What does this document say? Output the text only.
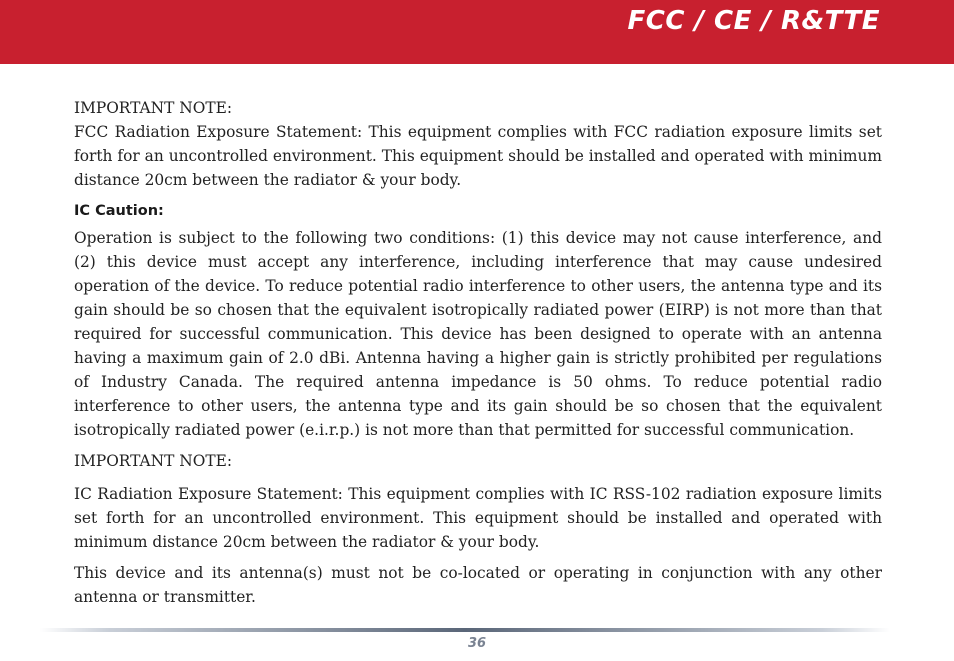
FCC / CE / R&TTE

IMPORTANT NOTE:

FCC Radiation Exposure Statement: This equipment complies with FCC radiation exposure limits set forth for an uncontrolled environment. This equipment should be installed and operated with minimum distance 20cm between the radiator & your body.

IC Caution:

Operation is subject to the following two conditions: (1) this device may not cause interference, and (2) this device must accept any interference, including interference that may cause undesired operation of the device. To reduce potential radio interference to other users, the antenna type and its gain should be so chosen that the equivalent isotropically radiated power (EIRP) is not more than that required for successful communication. This device has been designed to operate with an antenna having a maximum gain of 2.0 dBi. Antenna having a higher gain is strictly prohibited per regulations of Industry Canada. The required antenna impedance is 50 ohms. To reduce potential radio interference to other users, the antenna type and its gain should be so chosen that the equivalent isotropically radiated power (e.i.r.p.) is not more than that permitted for successful communication.

IMPORTANT NOTE:

IC Radiation Exposure Statement: This equipment complies with IC RSS-102 radiation exposure limits set forth for an uncontrolled environment. This equipment should be installed and operated with minimum distance 20cm between the radiator & your body.

This device and its antenna(s) must not be co-located or operating in conjunction with any other antenna or transmitter.

36
